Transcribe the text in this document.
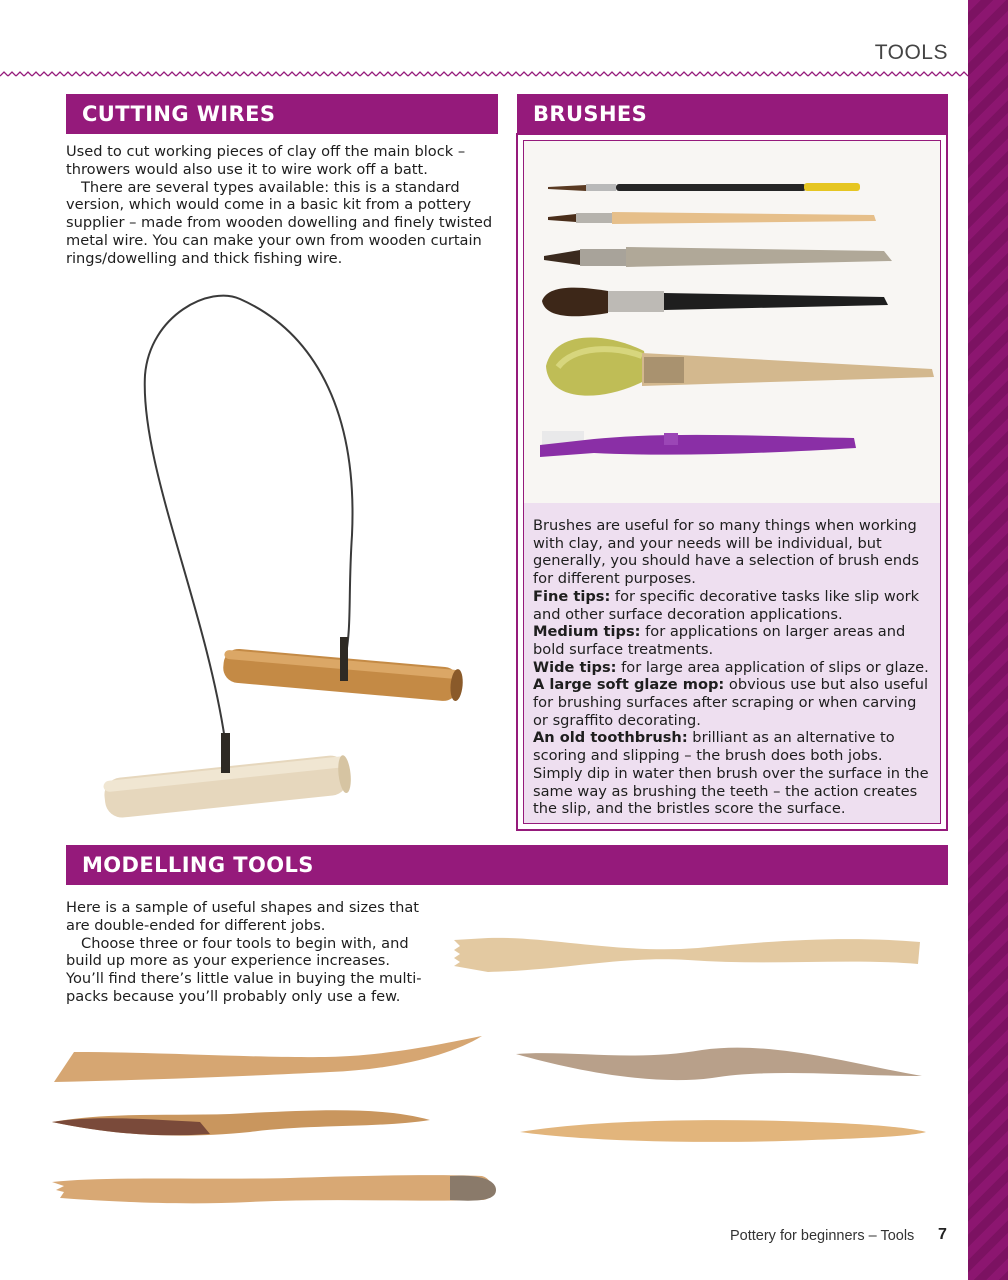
TOOLS
CUTTING WIRES

Used to cut working pieces of clay off the main block – throwers would also use it to wire work off a batt.

There are several types available: this is a standard version, which would come in a basic kit from a pottery supplier – made from wooden dowelling and finely twisted metal wire. You can make your own from wooden curtain rings/dowelling and thick fishing wire.

BRUSHES

Brushes are useful for so many things when working with clay, and your needs will be individual, but generally, you should have a selection of brush ends for different purposes.

Fine tips: for specific decorative tasks like slip work and other surface decoration applications.

Medium tips: for applications on larger areas and bold surface treatments.

Wide tips: for large area application of slips or glaze.

A large soft glaze mop: obvious use but also useful for brushing surfaces after scraping or when carving or sgraffito decorating.

An old toothbrush: brilliant as an alternative to scoring and slipping – the brush does both jobs. Simply dip in water then brush over the surface in the same way as brushing the teeth – the action creates the slip, and the bristles score the surface.

MODELLING TOOLS

Here is a sample of useful shapes and sizes that are double-ended for different jobs.

Choose three or four tools to begin with, and build up more as your experience increases. You’ll find there’s little value in buying the multi-packs because you’ll probably only use a few.

Pottery for beginners – Tools 7
